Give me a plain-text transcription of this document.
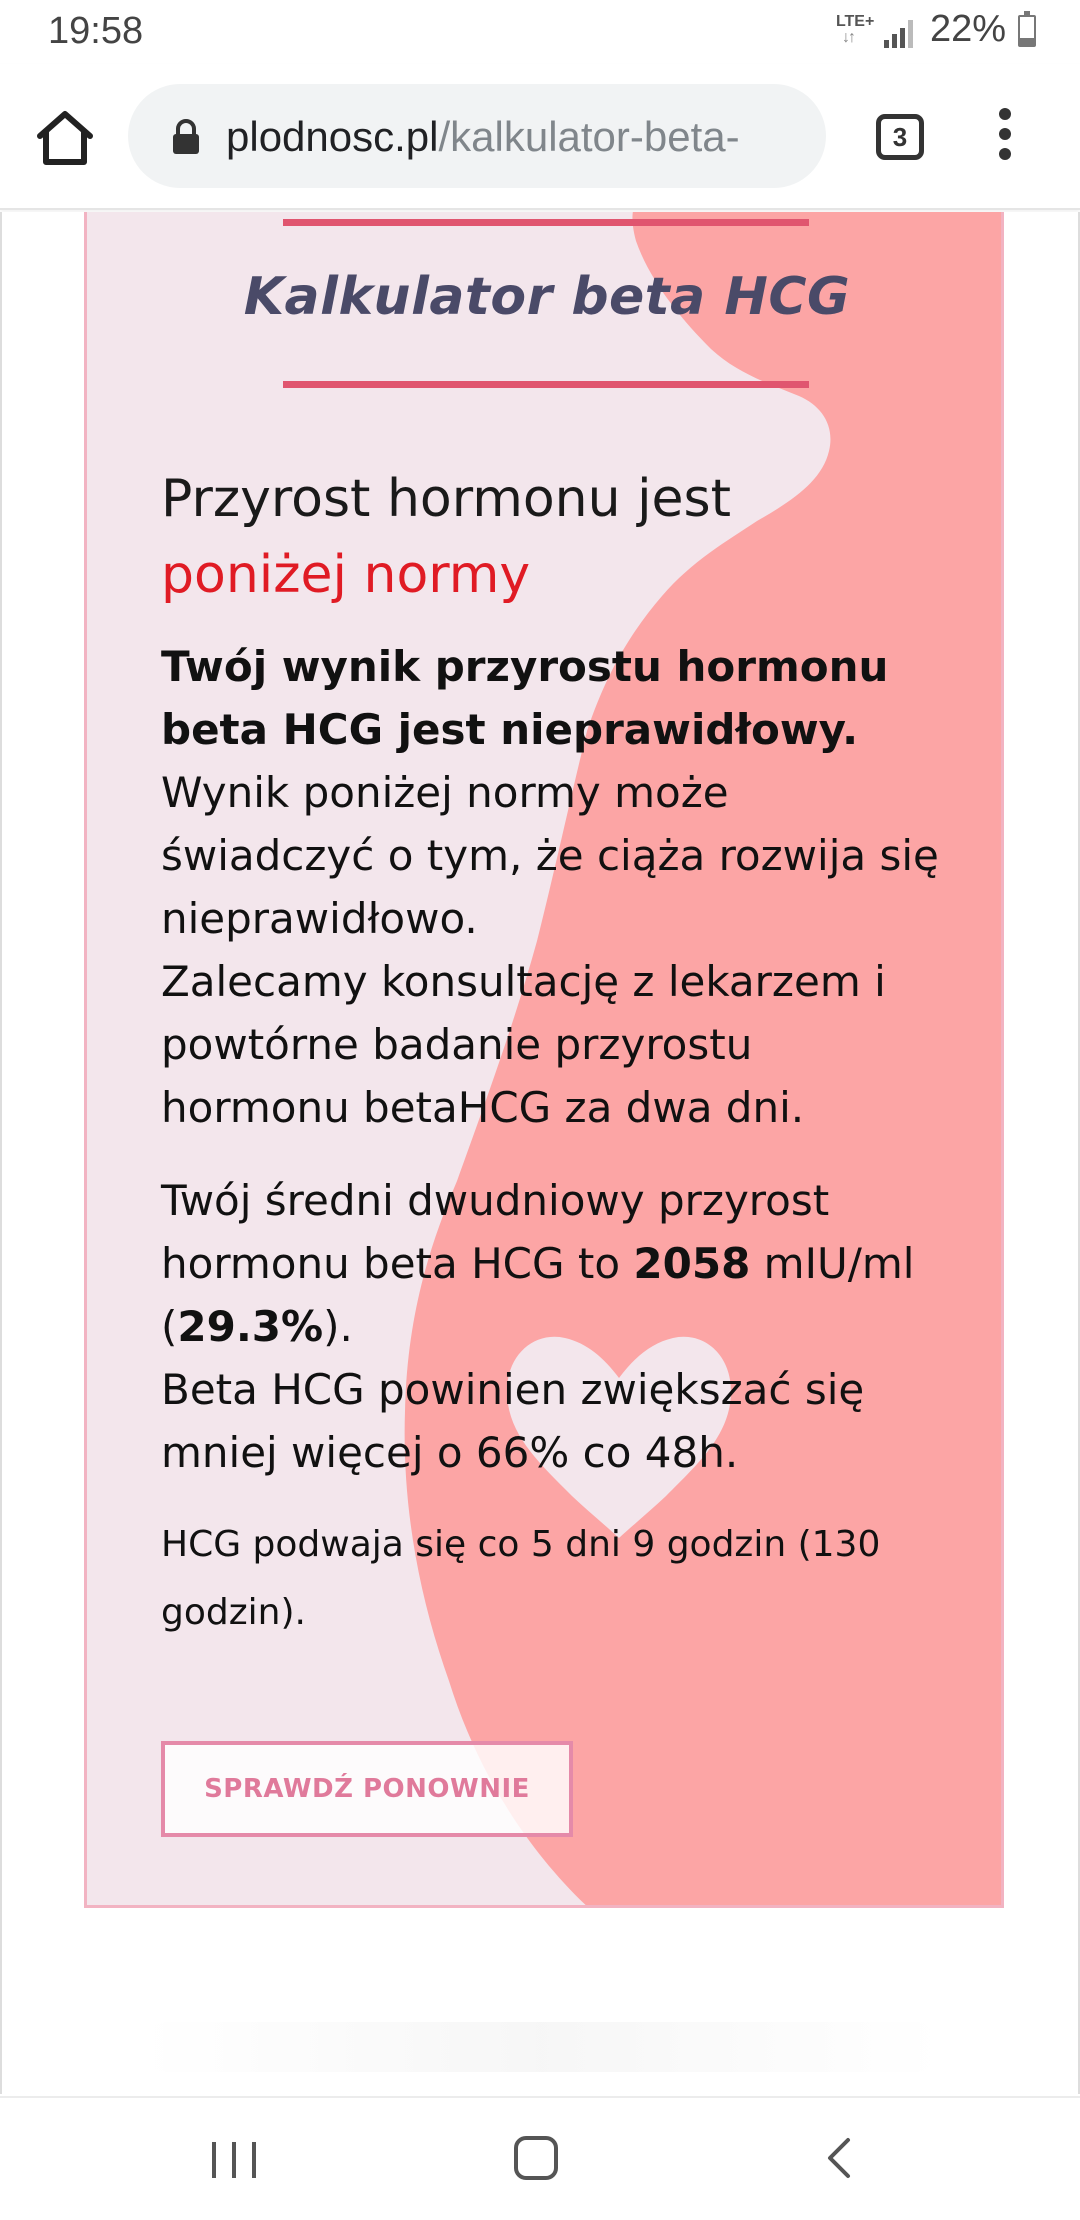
19:58	LTE+
↓↑ 22%
plodnosc.pl/kalkulator-beta-	3
Kalkulator beta HCG
Przyrost hormonu jest
poniżej normy
Twój wynik przyrostu hormonu beta HCG jest nieprawidłowy.
Wynik poniżej normy może świadczyć o tym, że ciąża rozwija się nieprawidłowo.
Zalecamy konsultację z lekarzem i powtórne badanie przyrostu hormonu betaHCG za dwa dni.
Twój średni dwudniowy przyrost hormonu beta HCG to 2058 mIU/ml (29.3%).
Beta HCG powinien zwiększać się mniej więcej o 66% co 48h.
HCG podwaja się co 5 dni 9 godzin (130 godzin).
SPRAWDŹ PONOWNIE
